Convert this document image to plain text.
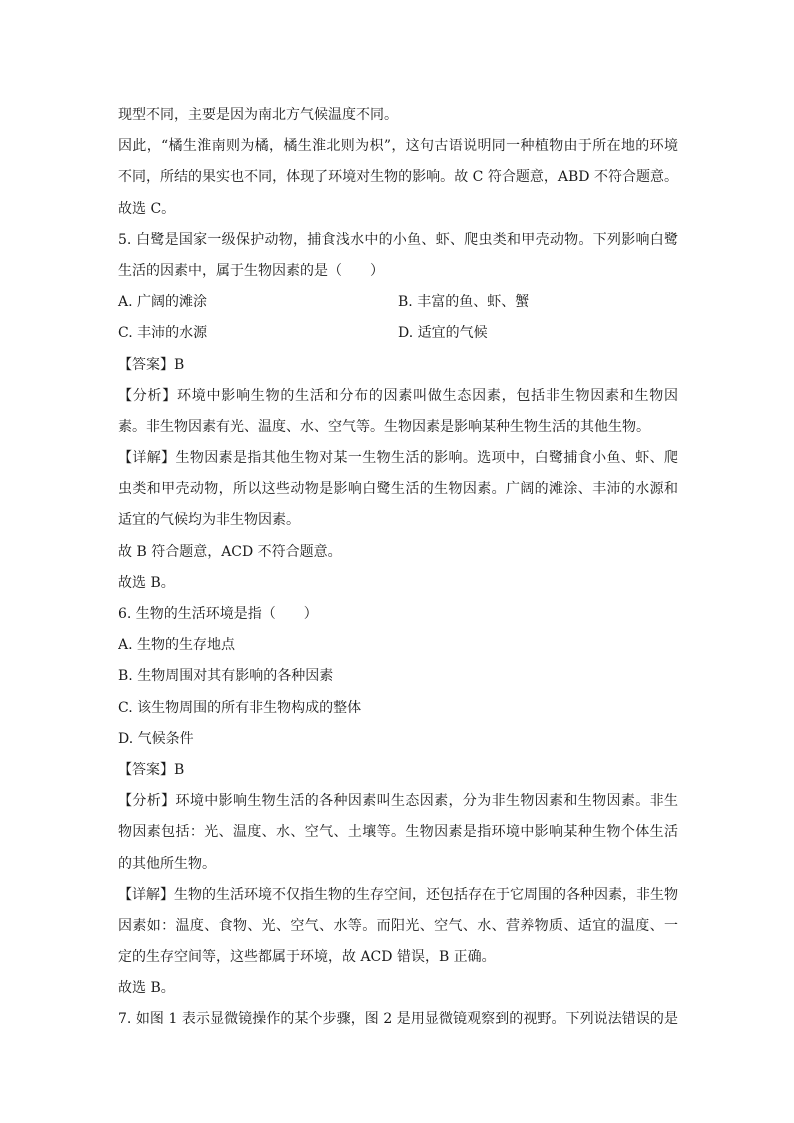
现型不同，主要是因为南北方气候温度不同。
因此，“橘生淮南则为橘，橘生淮北则为枳”，这句古语说明同一种植物由于所在地的环境
不同，所结的果实也不同，体现了环境对生物的影响。故 C 符合题意，ABD 不符合题意。
故选 C。
5. 白鹭是国家一级保护动物，捕食浅水中的小鱼、虾、爬虫类和甲壳动物。下列影响白鹭
生活的因素中，属于生物因素的是（　　）
A. 广阔的滩涂	B. 丰富的鱼、虾、蟹
C. 丰沛的水源	D. 适宜的气候
【答案】B
【分析】环境中影响生物的生活和分布的因素叫做生态因素，包括非生物因素和生物因
素。非生物因素有光、温度、水、空气等。生物因素是影响某种生物生活的其他生物。
【详解】生物因素是指其他生物对某一生物生活的影响。选项中，白鹭捕食小鱼、虾、爬
虫类和甲壳动物，所以这些动物是影响白鹭生活的生物因素。广阔的滩涂、丰沛的水源和
适宜的气候均为非生物因素。
故 B 符合题意，ACD 不符合题意。
故选 B。
6. 生物的生活环境是指（　　）
A. 生物的生存地点
B. 生物周围对其有影响的各种因素
C. 该生物周围的所有非生物构成的整体
D. 气候条件
【答案】B
【分析】环境中影响生物生活的各种因素叫生态因素，分为非生物因素和生物因素。非生
物因素包括：光、温度、水、空气、土壤等。生物因素是指环境中影响某种生物个体生活
的其他所生物。
【详解】生物的生活环境不仅指生物的生存空间，还包括存在于它周围的各种因素，非生物
因素如：温度、食物、光、空气、水等。而阳光、空气、水、营养物质、适宜的温度、一
定的生存空间等，这些都属于环境，故 ACD 错误，B 正确。
故选 B。
7. 如图 1 表示显微镜操作的某个步骤，图 2 是用显微镜观察到的视野。下列说法错误的是
